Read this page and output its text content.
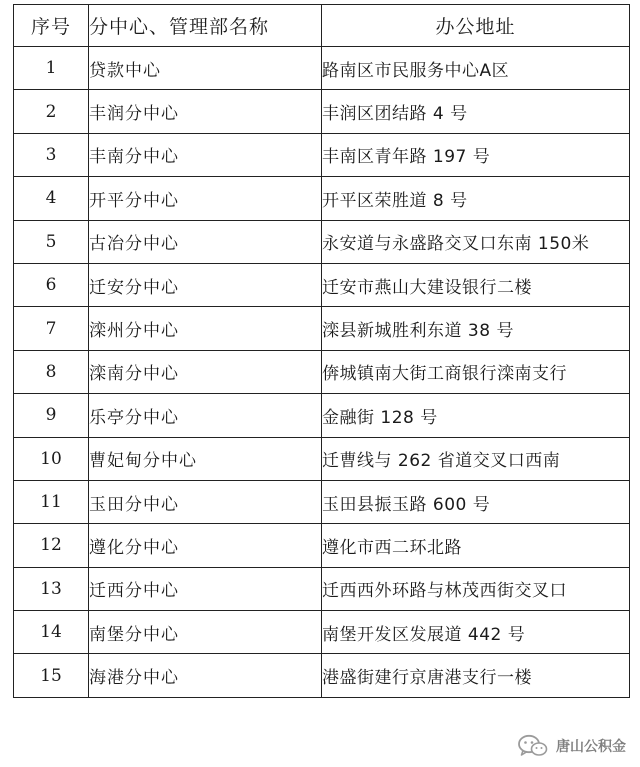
序号	分中心、管理部名称	办公地址
1	贷款中心	路南区市民服务中心A区
2	丰润分中心	丰润区团结路 4 号
3	丰南分中心	丰南区青年路 197 号
4	开平分中心	开平区荣胜道 8 号
5	古冶分中心	永安道与永盛路交叉口东南 150米
6	迁安分中心	迁安市燕山大建设银行二楼
7	滦州分中心	滦县新城胜利东道 38 号
8	滦南分中心	倴城镇南大街工商银行滦南支行
9	乐亭分中心	金融街 128 号
10	曹妃甸分中心	迁曹线与 262 省道交叉口西南
11	玉田分中心	玉田县振玉路 600 号
12	遵化分中心	遵化市西二环北路
13	迁西分中心	迁西西外环路与林茂西街交叉口
14	南堡分中心	南堡开发区发展道 442 号
15	海港分中心	港盛街建行京唐港支行一楼
唐山公积金
